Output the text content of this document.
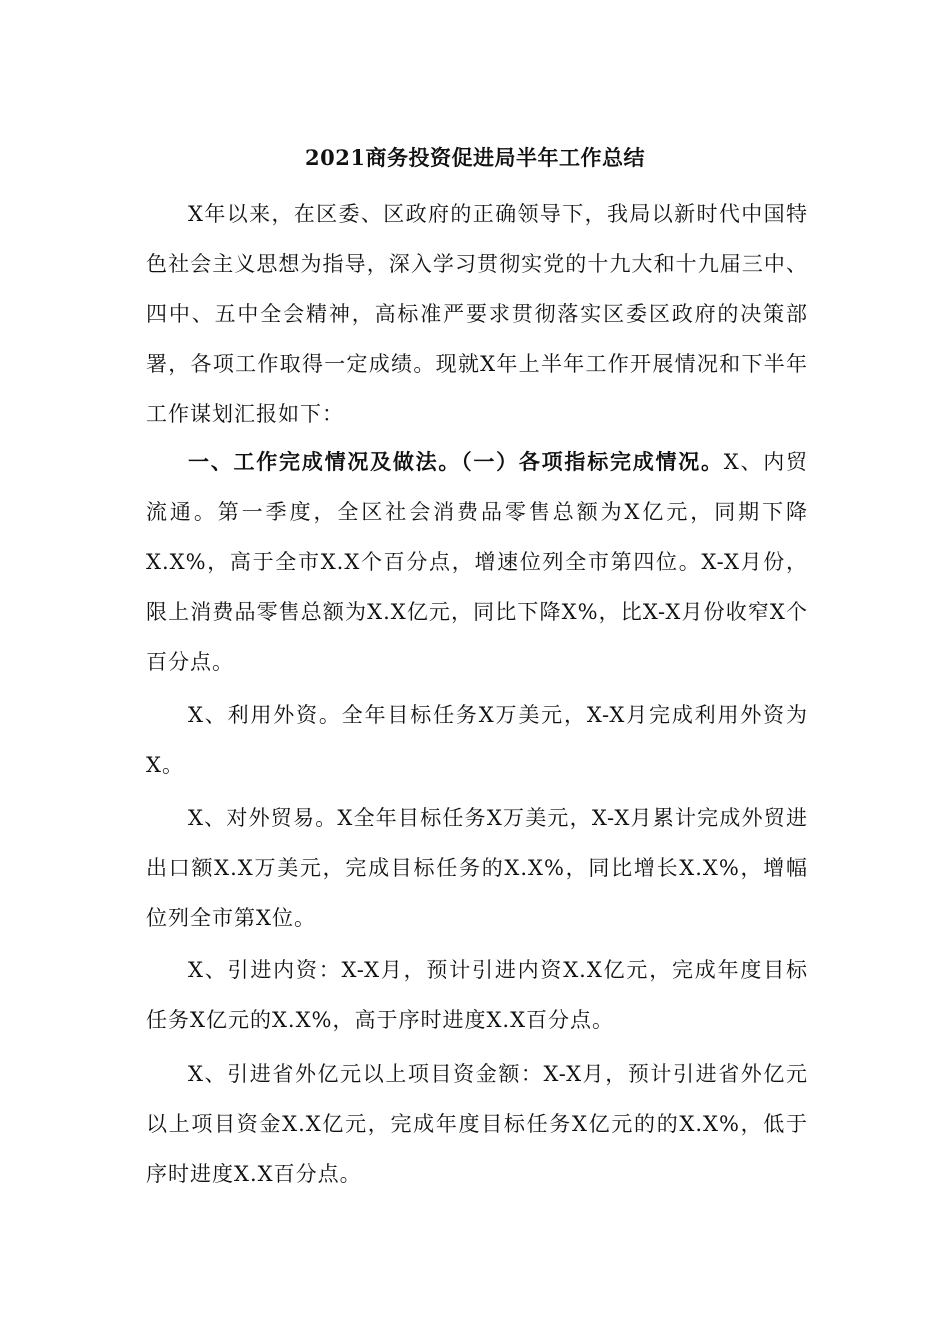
2021商务投资促进局半年工作总结

X年以来，在区委、区政府的正确领导下，我局以新时代中国特色社会主义思想为指导，深入学习贯彻实党的十九大和十九届三中、四中、五中全会精神，高标准严要求贯彻落实区委区政府的决策部署，各项工作取得一定成绩。现就X年上半年工作开展情况和下半年工作谋划汇报如下：

一、工作完成情况及做法。（一）各项指标完成情况。X、内贸流通。第一季度，全区社会消费品零售总额为X亿元，同期下降X.X%，高于全市X.X个百分点，增速位列全市第四位。X-X月份，限上消费品零售总额为X.X亿元，同比下降X%，比X-X月份收窄X个百分点。

X、利用外资。全年目标任务X万美元，X-X月完成利用外资为X。

X、对外贸易。X全年目标任务X万美元，X-X月累计完成外贸进出口额X.X万美元，完成目标任务的X.X%，同比增长X.X%，增幅位列全市第X位。

X、引进内资：X-X月，预计引进内资X.X亿元，完成年度目标任务X亿元的X.X%，高于序时进度X.X百分点。

X、引进省外亿元以上项目资金额：X-X月，预计引进省外亿元以上项目资金X.X亿元，完成年度目标任务X亿元的的X.X%，低于序时进度X.X百分点。
